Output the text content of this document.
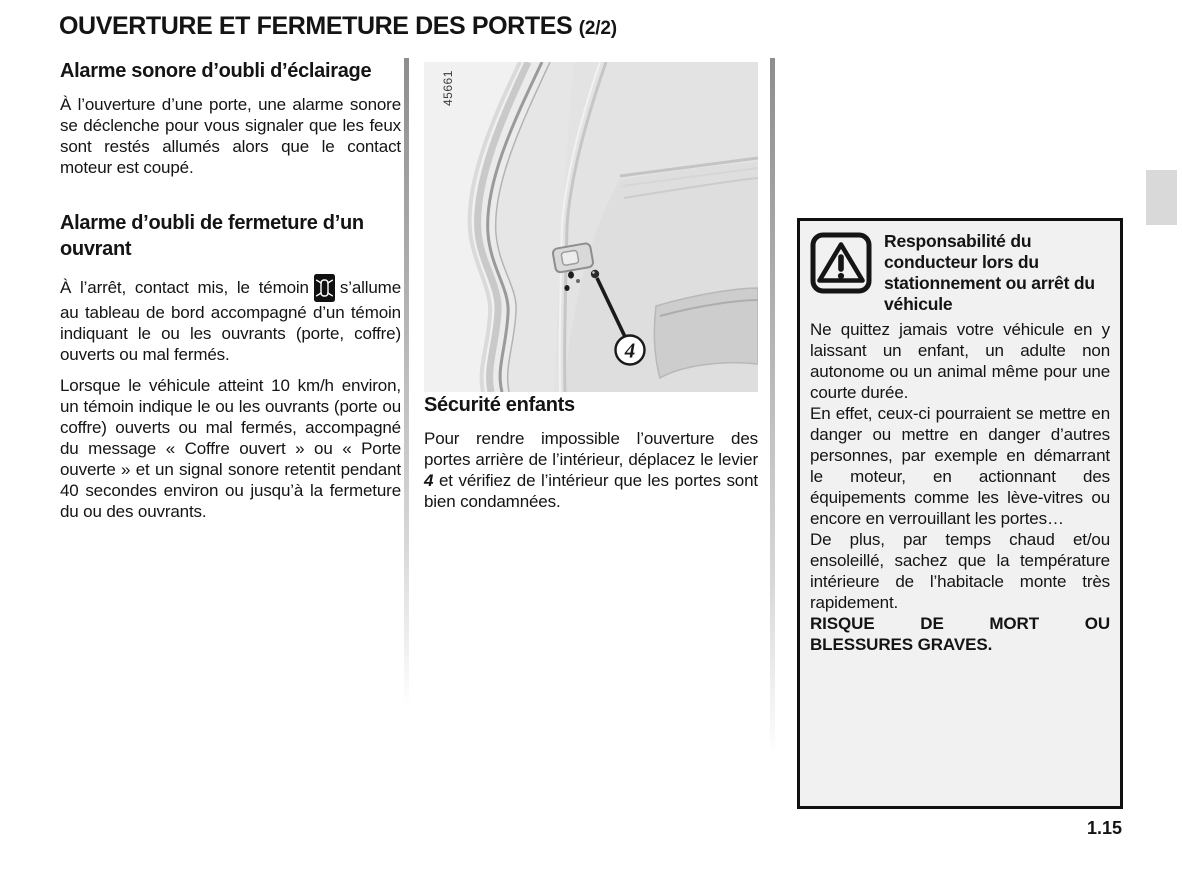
OUVERTURE ET FERMETURE DES PORTES (2/2)
Alarme sonore d’oubli d’éclairage

À l’ouverture d’une porte, une alarme sonore se déclenche pour vous signaler que les feux sont restés allumés alors que le contact moteur est coupé.

Alarme d’oubli de fermeture d’un ouvrant

À l’arrêt, contact mis, le témoin s’allume au tableau de bord accompagné d’un témoin indiquant le ou les ouvrants (porte, coffre) ouverts ou mal fermés.

Lorsque le véhicule atteint 10 km/h environ, un témoin indique le ou les ouvrants (porte ou coffre) ouverts ou mal fermés, accompagné du message « Coffre ouvert » ou « Porte ouverte » et un signal sonore retentit pendant 40 secondes environ ou jusqu’à la fermeture du ou des ouvrants.

4
45661
Sécurité enfants

Pour rendre impossible l’ouverture des portes arrière de l’intérieur, déplacez le levier 4 et vérifiez de l’intérieur que les portes sont bien condamnées.

Responsabilité du conducteur lors du stationnement ou arrêt du véhicule

Ne quittez jamais votre véhicule en y laissant un enfant, un adulte non autonome ou un animal même pour une courte durée.

En effet, ceux-ci pourraient se mettre en danger ou mettre en danger d’autres personnes, par exemple en démarrant le moteur, en actionnant des équipements comme les lève-vitres ou encore en verrouillant les portes…

De plus, par temps chaud et/ou ensoleillé, sachez que la température intérieure de l’habitacle monte très rapidement.

RISQUE DE MORT OU
BLESSURES GRAVES.

1.15
